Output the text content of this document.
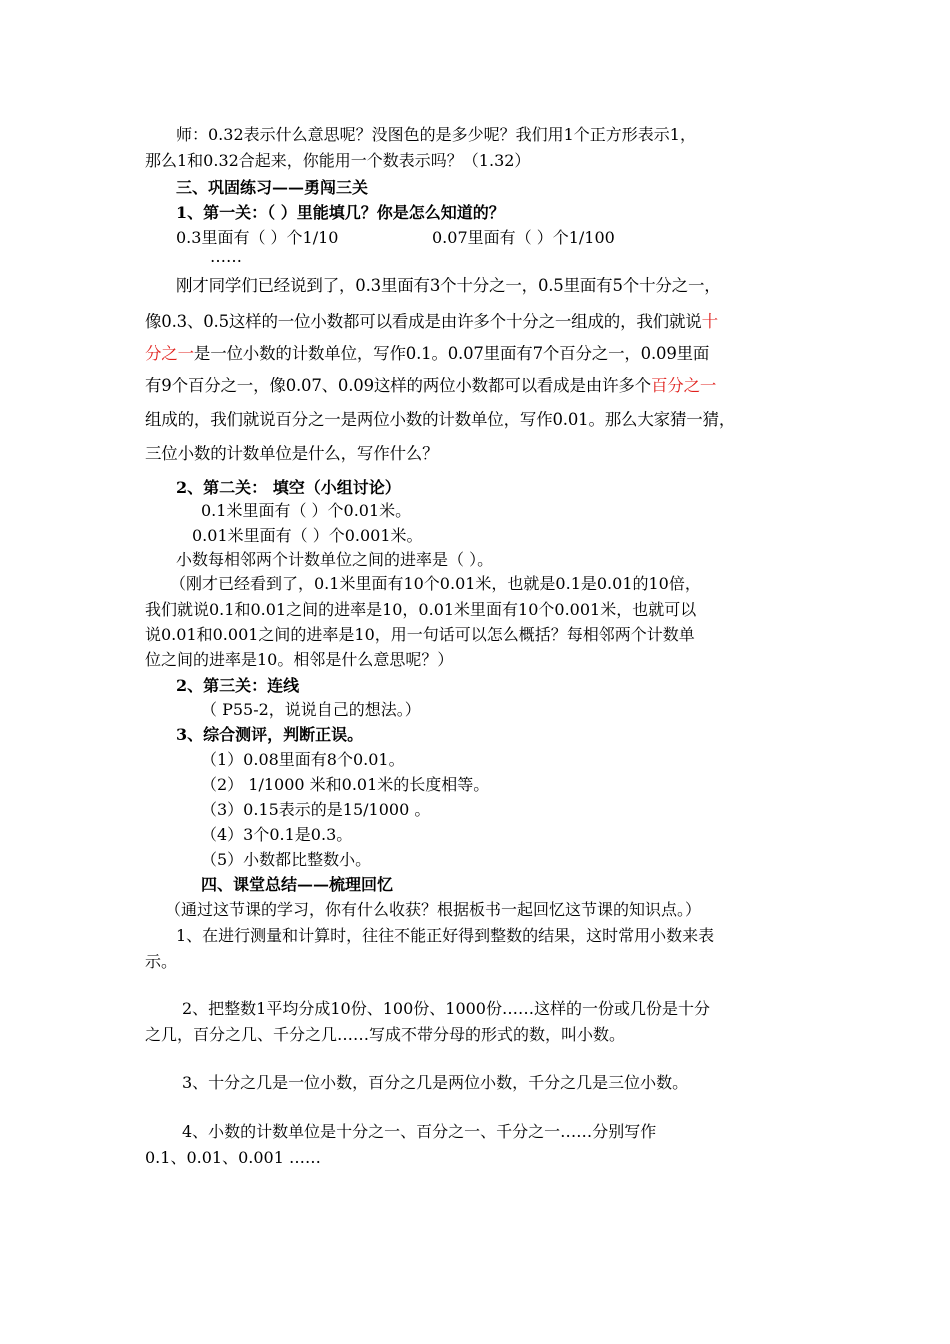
师：0.32表示什么意思呢？没图色的是多少呢？我们用1个正方形表示1，
那么1和0.32合起来，你能用一个数表示吗？（1.32）
三、巩固练习——勇闯三关
1、第一关：（ ）里能填几？你是怎么知道的？
0.3里面有（ ）个1/10	0.07里面有（ ）个1/100
……
刚才同学们已经说到了，0.3里面有3个十分之一，0.5里面有5个十分之一，
像0.3、0.5这样的一位小数都可以看成是由许多个十分之一组成的，我们就说十
分之一是一位小数的计数单位，写作0.1。0.07里面有7个百分之一，0.09里面
有9个百分之一，像0.07、0.09这样的两位小数都可以看成是由许多个百分之一
组成的，我们就说百分之一是两位小数的计数单位，写作0.01。那么大家猜一猜，
三位小数的计数单位是什么，写作什么？
2、第二关： 填空（小组讨论）
0.1米里面有（ ）个0.01米。
0.01米里面有（ ）个0.001米。
小数每相邻两个计数单位之间的进率是（ ）。
（刚才已经看到了，0.1米里面有10个0.01米，也就是0.1是0.01的10倍，
我们就说0.1和0.01之间的进率是10，0.01米里面有10个0.001米，也就可以
说0.01和0.001之间的进率是10，用一句话可以怎么概括？每相邻两个计数单
位之间的进率是10。相邻是什么意思呢？）
2、第三关：连线
（ P55-2，说说自己的想法。）
3、综合测评，判断正误。
（1）0.08里面有8个0.01。
（2） 1/1000 米和0.01米的长度相等。
（3）0.15表示的是15/1000 。
（4）3个0.1是0.3。
（5）小数都比整数小。
四、课堂总结——梳理回忆
（通过这节课的学习，你有什么收获？根据板书一起回忆这节课的知识点。）
1、在进行测量和计算时，往往不能正好得到整数的结果，这时常用小数来表
示。
2、把整数1平均分成10份、100份、1000份‥‥‥这样的一份或几份是十分
之几，百分之几、千分之几‥‥‥写成不带分母的形式的数，叫小数。
3、十分之几是一位小数，百分之几是两位小数，千分之几是三位小数。
4、小数的计数单位是十分之一、百分之一、千分之一‥‥‥分别写作
0.1、0.01、0.001 ‥‥‥
